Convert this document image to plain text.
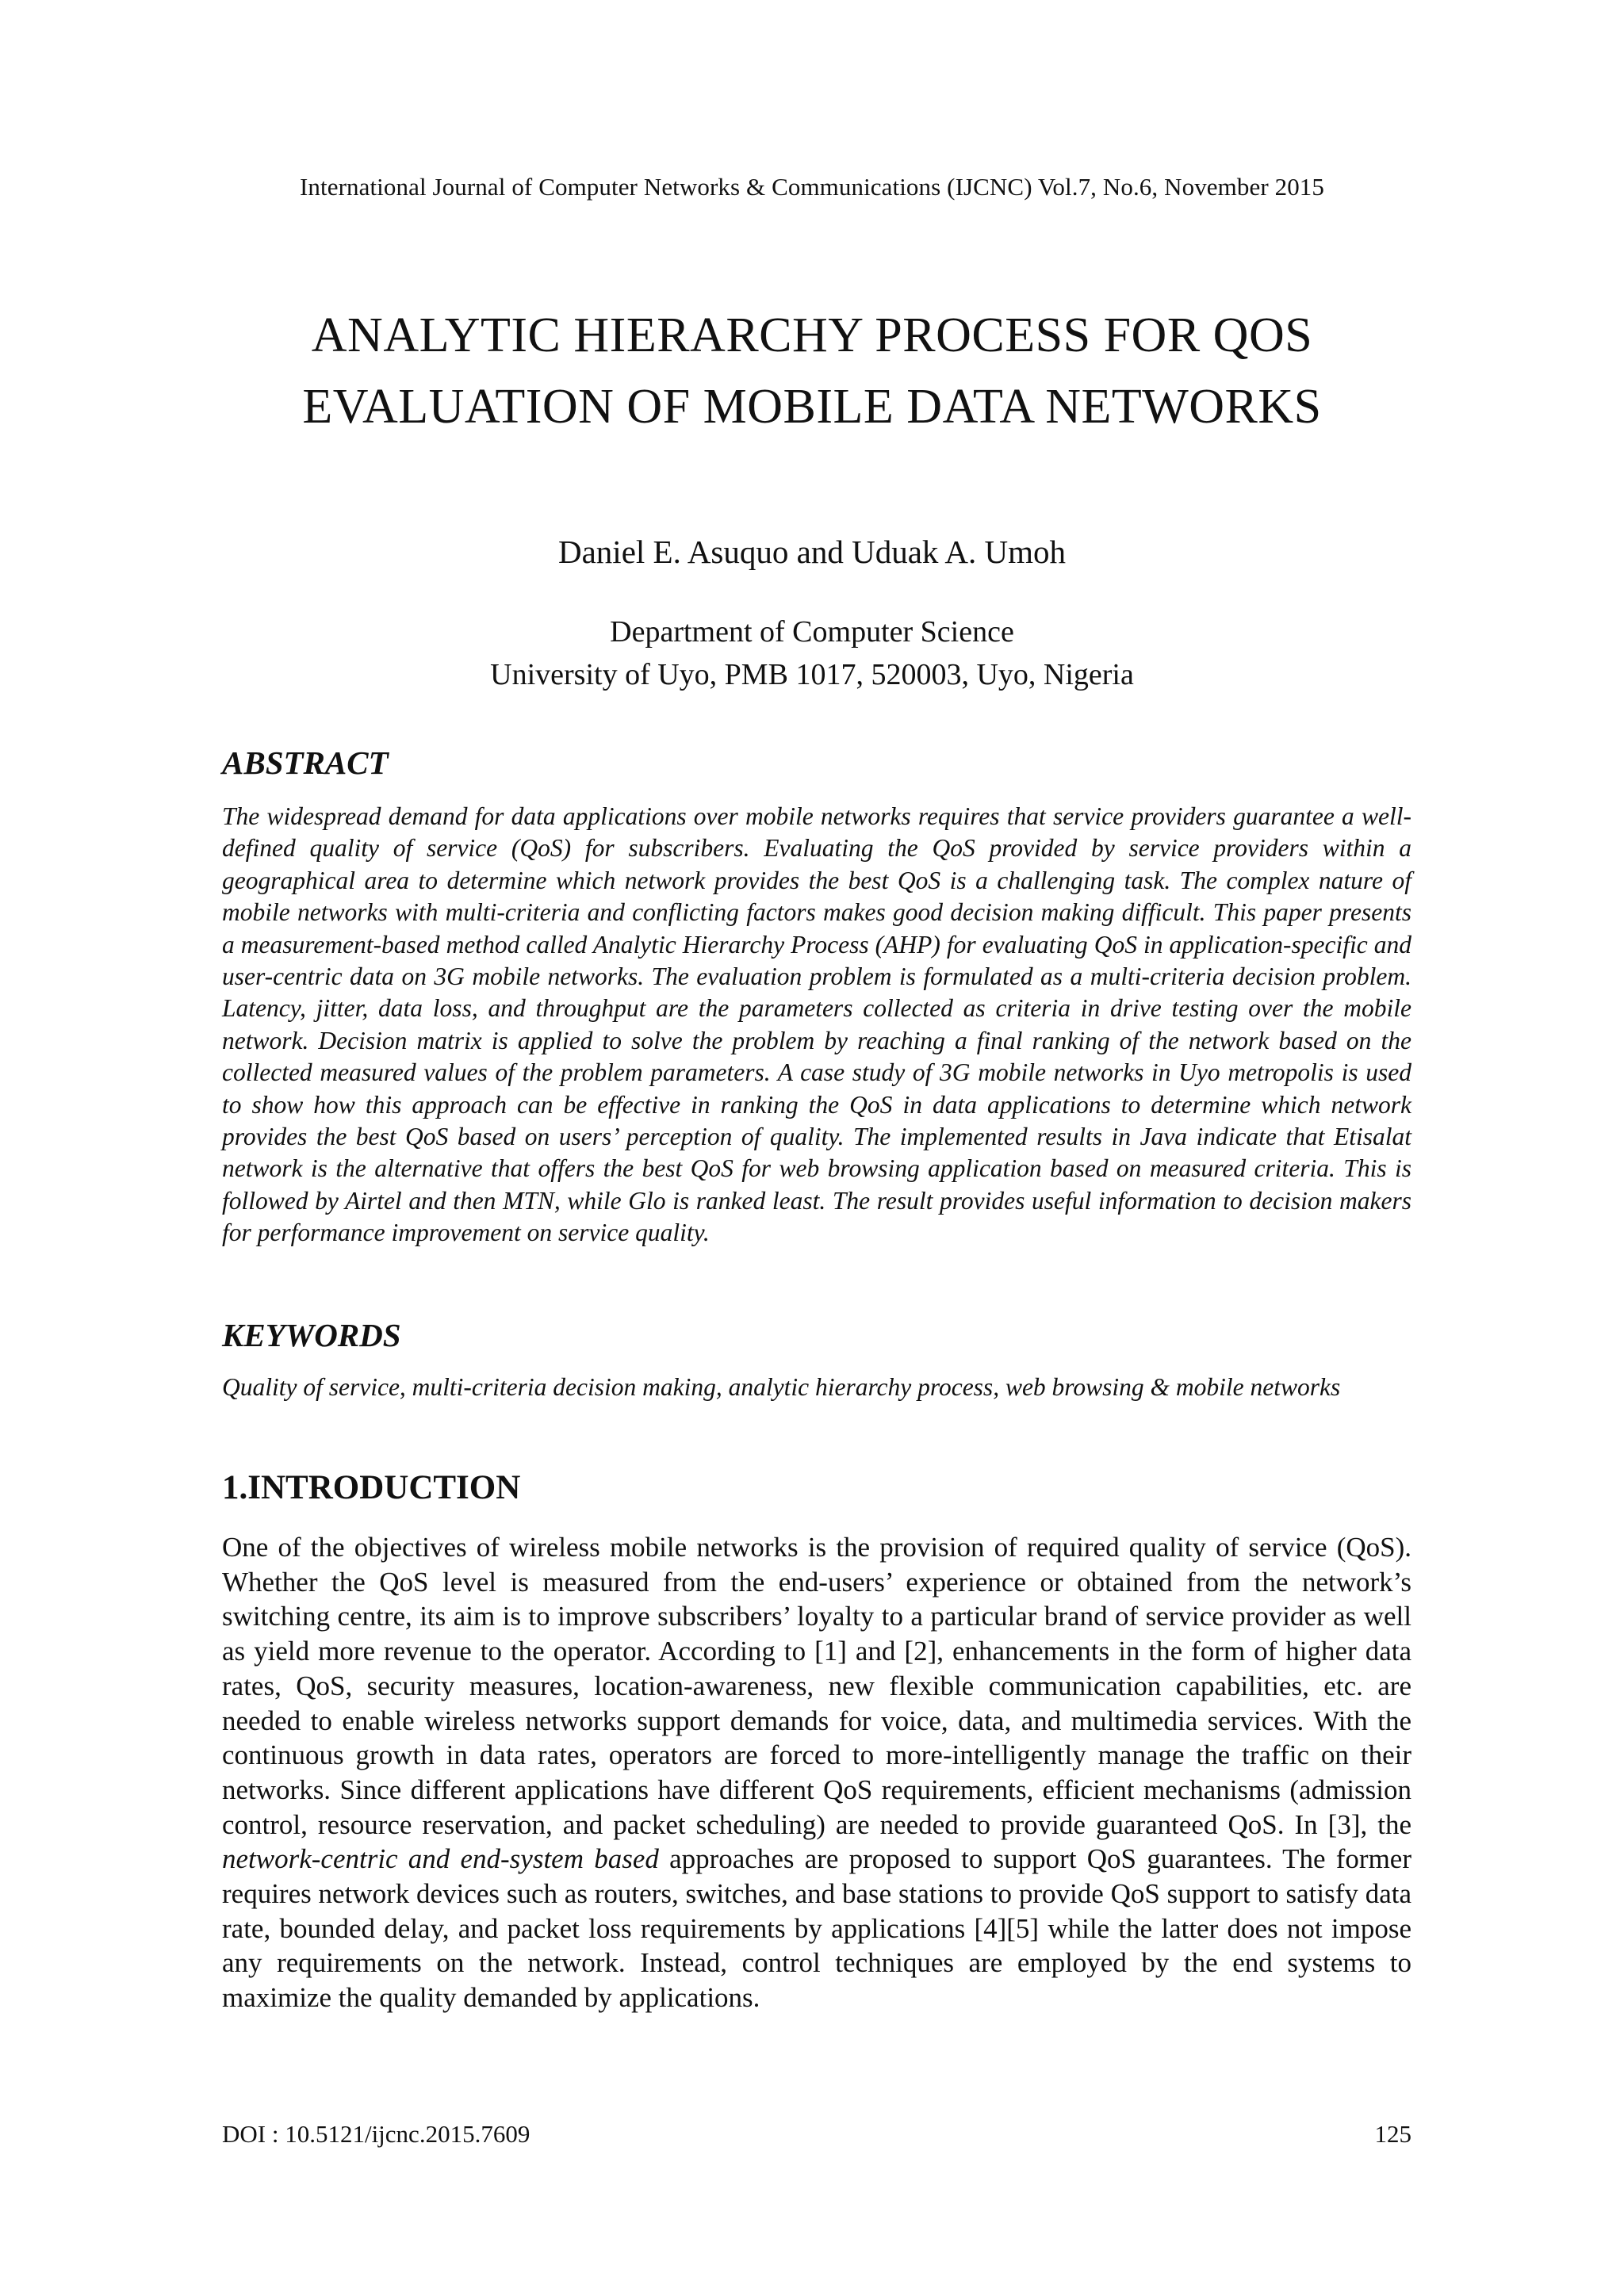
International Journal of Computer Networks & Communications (IJCNC) Vol.7, No.6, November 2015
ANALYTIC HIERARCHY PROCESS FOR QOS EVALUATION OF MOBILE DATA NETWORKS
Daniel E. Asuquo and Uduak A. Umoh
Department of Computer Science
University of Uyo, PMB 1017, 520003, Uyo, Nigeria
ABSTRACT
The widespread demand for data applications over mobile networks requires that service providers guarantee a well-defined quality of service (QoS) for subscribers. Evaluating the QoS provided by service providers within a geographical area to determine which network provides the best QoS is a challenging task. The complex nature of mobile networks with multi-criteria and conflicting factors makes good decision making difficult. This paper presents a measurement-based method called Analytic Hierarchy Process (AHP) for evaluating QoS in application-specific and user-centric data on 3G mobile networks. The evaluation problem is formulated as a multi-criteria decision problem. Latency, jitter, data loss, and throughput are the parameters collected as criteria in drive testing over the mobile network. Decision matrix is applied to solve the problem by reaching a final ranking of the network based on the collected measured values of the problem parameters. A case study of 3G mobile networks in Uyo metropolis is used to show how this approach can be effective in ranking the QoS in data applications to determine which network provides the best QoS based on users’ perception of quality. The implemented results in Java indicate that Etisalat network is the alternative that offers the best QoS for web browsing application based on measured criteria. This is followed by Airtel and then MTN, while Glo is ranked least. The result provides useful information to decision makers for performance improvement on service quality.
KEYWORDS
Quality of service, multi-criteria decision making, analytic hierarchy process, web browsing & mobile networks
1.INTRODUCTION
One of the objectives of wireless mobile networks is the provision of required quality of service (QoS). Whether the QoS level is measured from the end-users’ experience or obtained from the network’s switching centre, its aim is to improve subscribers’ loyalty to a particular brand of service provider as well as yield more revenue to the operator. According to [1] and [2], enhancements in the form of higher data rates, QoS, security measures, location-awareness, new flexible communication capabilities, etc. are needed to enable wireless networks support demands for voice, data, and multimedia services. With the continuous growth in data rates, operators are forced to more-intelligently manage the traffic on their networks. Since different applications have different QoS requirements, efficient mechanisms (admission control, resource reservation, and packet scheduling) are needed to provide guaranteed QoS. In [3], the network-centric and end-system based approaches are proposed to support QoS guarantees. The former requires network devices such as routers, switches, and base stations to provide QoS support to satisfy data rate, bounded delay, and packet loss requirements by applications [4][5] while the latter does not impose any requirements on the network. Instead, control techniques are employed by the end systems to maximize the quality demanded by applications.
DOI : 10.5121/ijcnc.2015.7609	125
